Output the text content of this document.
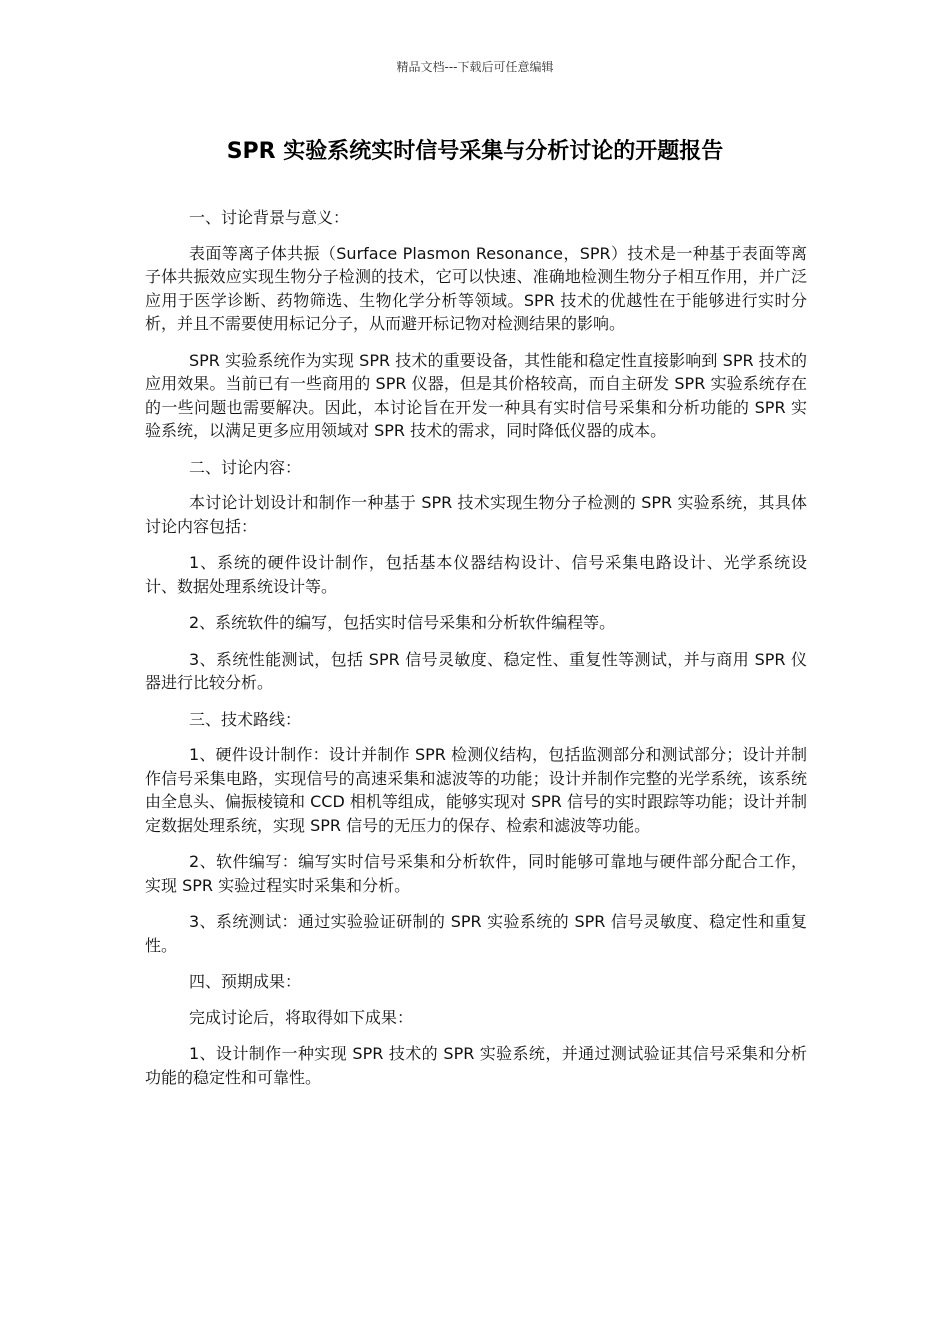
精品文档---下载后可任意编辑
SPR 实验系统实时信号采集与分析讨论的开题报告

一、讨论背景与意义：

表面等离子体共振（Surface Plasmon Resonance，SPR）技术是一种基于表面等离子体共振效应实现生物分子检测的技术，它可以快速、准确地检测生物分子相互作用，并广泛应用于医学诊断、药物筛选、生物化学分析等领域。SPR 技术的优越性在于能够进行实时分析，并且不需要使用标记分子，从而避开标记物对检测结果的影响。

SPR 实验系统作为实现 SPR 技术的重要设备，其性能和稳定性直接影响到 SPR 技术的应用效果。当前已有一些商用的 SPR 仪器，但是其价格较高，而自主研发 SPR 实验系统存在的一些问题也需要解决。因此，本讨论旨在开发一种具有实时信号采集和分析功能的 SPR 实验系统，以满足更多应用领域对 SPR 技术的需求，同时降低仪器的成本。

二、讨论内容：

本讨论计划设计和制作一种基于 SPR 技术实现生物分子检测的 SPR 实验系统，其具体讨论内容包括：

1、系统的硬件设计制作，包括基本仪器结构设计、信号采集电路设计、光学系统设计、数据处理系统设计等。

2、系统软件的编写，包括实时信号采集和分析软件编程等。

3、系统性能测试，包括 SPR 信号灵敏度、稳定性、重复性等测试，并与商用 SPR 仪器进行比较分析。

三、技术路线：

1、硬件设计制作：设计并制作 SPR 检测仪结构，包括监测部分和测试部分；设计并制作信号采集电路，实现信号的高速采集和滤波等的功能；设计并制作完整的光学系统，该系统由全息头、偏振棱镜和 CCD 相机等组成，能够实现对 SPR 信号的实时跟踪等功能；设计并制定数据处理系统，实现 SPR 信号的无压力的保存、检索和滤波等功能。

2、软件编写：编写实时信号采集和分析软件，同时能够可靠地与硬件部分配合工作，实现 SPR 实验过程实时采集和分析。

3、系统测试：通过实验验证研制的 SPR 实验系统的 SPR 信号灵敏度、稳定性和重复性。

四、预期成果：

完成讨论后，将取得如下成果：

1、设计制作一种实现 SPR 技术的 SPR 实验系统，并通过测试验证其信号采集和分析功能的稳定性和可靠性。
